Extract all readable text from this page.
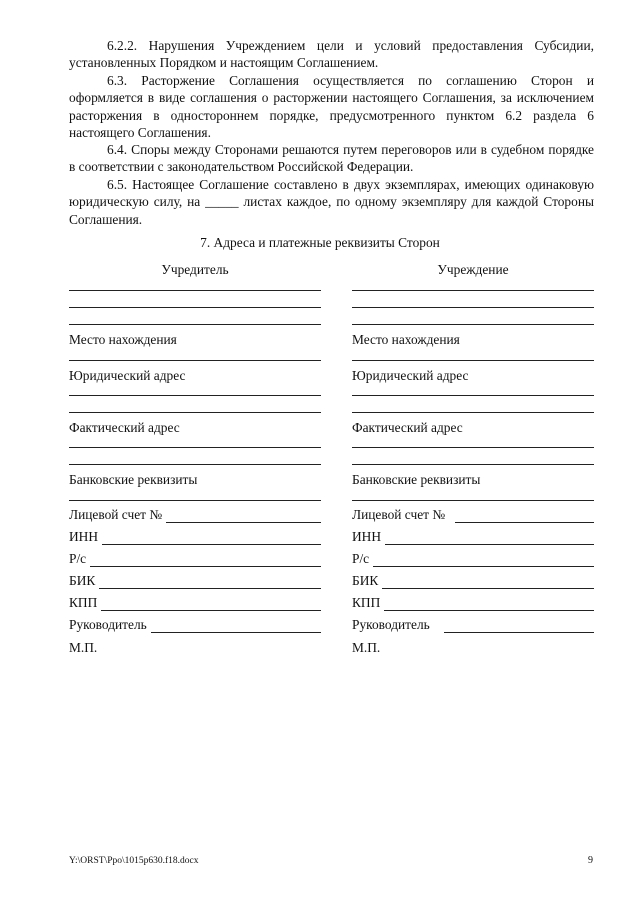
6.2.2. Нарушения Учреждением цели и условий предоставления Субсидии, установленных Порядком и настоящим Соглашением.
6.3. Расторжение Соглашения осуществляется по соглашению Сторон и оформляется в виде соглашения о расторжении настоящего Соглашения, за исключением расторжения в одностороннем порядке, предусмотренного пунктом 6.2 раздела 6 настоящего Соглашения.
6.4. Споры между Сторонами решаются путем переговоров или в судебном порядке в соответствии с законодательством Российской Федерации.
6.5. Настоящее Соглашение составлено в двух экземплярах, имеющих одинаковую юридическую силу, на _____ листах каждое, по одному экземпляру для каждой Стороны Соглашения.
7. Адреса и платежные реквизиты Сторон
Учредитель
Место нахождения
Юридический адрес
Фактический адрес
Банковские реквизиты
Лицевой счет №
ИНН
Р/с
БИК
КПП
Руководитель
М.П.
Учреждение
Место нахождения
Юридический адрес
Фактический адрес
Банковские реквизиты
Лицевой счет №
ИНН
Р/с
БИК
КПП
Руководитель
М.П.
Y:\ORST\Ppo\1015p630.f18.docx	9
